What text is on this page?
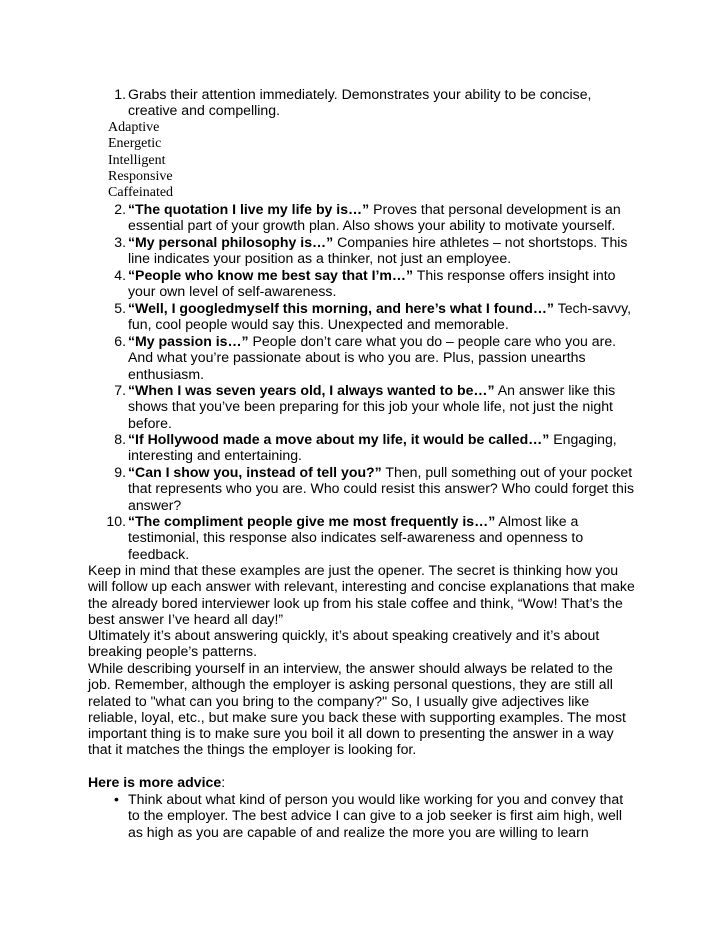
1. Grabs their attention immediately. Demonstrates your ability to be concise,
creative and compelling.
Adaptive
Energetic
Intelligent
Responsive
Caffeinated
2. “The quotation I live my life by is…” Proves that personal development is an
essential part of your growth plan. Also shows your ability to motivate yourself.
3. “My personal philosophy is…” Companies hire athletes – not shortstops. This
line indicates your position as a thinker, not just an employee.
4. “People who know me best say that I’m…” This response offers insight into
your own level of self-awareness.
5. “Well, I googledmyself this morning, and here’s what I found…” Tech-savvy,
fun, cool people would say this. Unexpected and memorable.
6. “My passion is…” People don’t care what you do – people care who you are.
And what you’re passionate about is who you are. Plus, passion unearths
enthusiasm.
7. “When I was seven years old, I always wanted to be…” An answer like this
shows that you’ve been preparing for this job your whole life, not just the night
before.
8. “If Hollywood made a move about my life, it would be called…” Engaging,
interesting and entertaining.
9. “Can I show you, instead of tell you?” Then, pull something out of your pocket
that represents who you are. Who could resist this answer? Who could forget this
answer?
10. “The compliment people give me most frequently is…” Almost like a
testimonial, this response also indicates self-awareness and openness to
feedback.
Keep in mind that these examples are just the opener. The secret is thinking how you
will follow up each answer with relevant, interesting and concise explanations that make
the already bored interviewer look up from his stale coffee and think, “Wow! That’s the
best answer I’ve heard all day!”
Ultimately it’s about answering quickly, it’s about speaking creatively and it’s about
breaking people’s patterns.
While describing yourself in an interview, the answer should always be related to the
job. Remember, although the employer is asking personal questions, they are still all
related to "what can you bring to the company?" So, I usually give adjectives like
reliable, loyal, etc., but make sure you back these with supporting examples. The most
important thing is to make sure you boil it all down to presenting the answer in a way
that it matches the things the employer is looking for.
Here is more advice:
• Think about what kind of person you would like working for you and convey that
to the employer. The best advice I can give to a job seeker is first aim high, well
as high as you are capable of and realize the more you are willing to learn
